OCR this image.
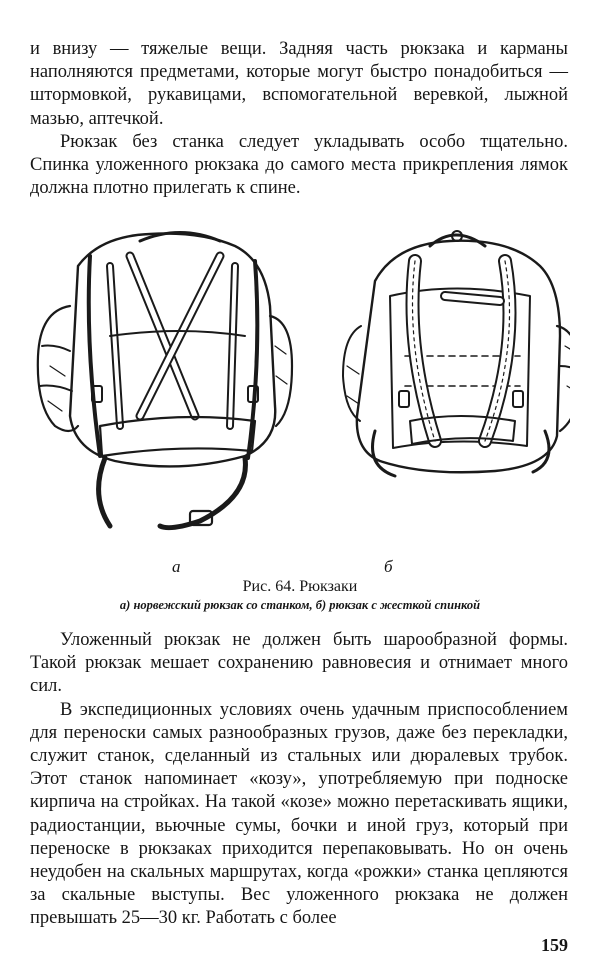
и внизу — тяжелые вещи. Задняя часть рюкзака и карманы наполняются предметами, которые могут быстро понадобиться — штормовкой, рукавицами, вспомогательной веревкой, лыжной мазью, аптечкой.

Рюкзак без станка следует укладывать особо тщательно. Спинка уложенного рюкзака до самого места прикрепления лямок должна плотно прилегать к спине.

а	б
Рис. 64. Рюкзаки
а) норвежский рюкзак со станком, б) рюкзак с жесткой спинкой

Уложенный рюкзак не должен быть шарообразной формы. Такой рюкзак мешает сохранению равновесия и отнимает много сил.

В экспедиционных условиях очень удачным приспособлением для переноски самых разнообразных грузов, даже без перекладки, служит станок, сделанный из стальных или дюралевых трубок. Этот станок напоминает «козу», употребляемую при подноске кирпича на стройках. На такой «козе» можно перетаскивать ящики, радиостанции, вьючные сумы, бочки и иной груз, который при переноске в рюкзаках приходится перепаковывать. Но он очень неудобен на скальных маршрутах, когда «рожки» станка цепляются за скальные выступы. Вес уложенного рюкзака не должен превышать 25—30 кг. Работать с более

159
